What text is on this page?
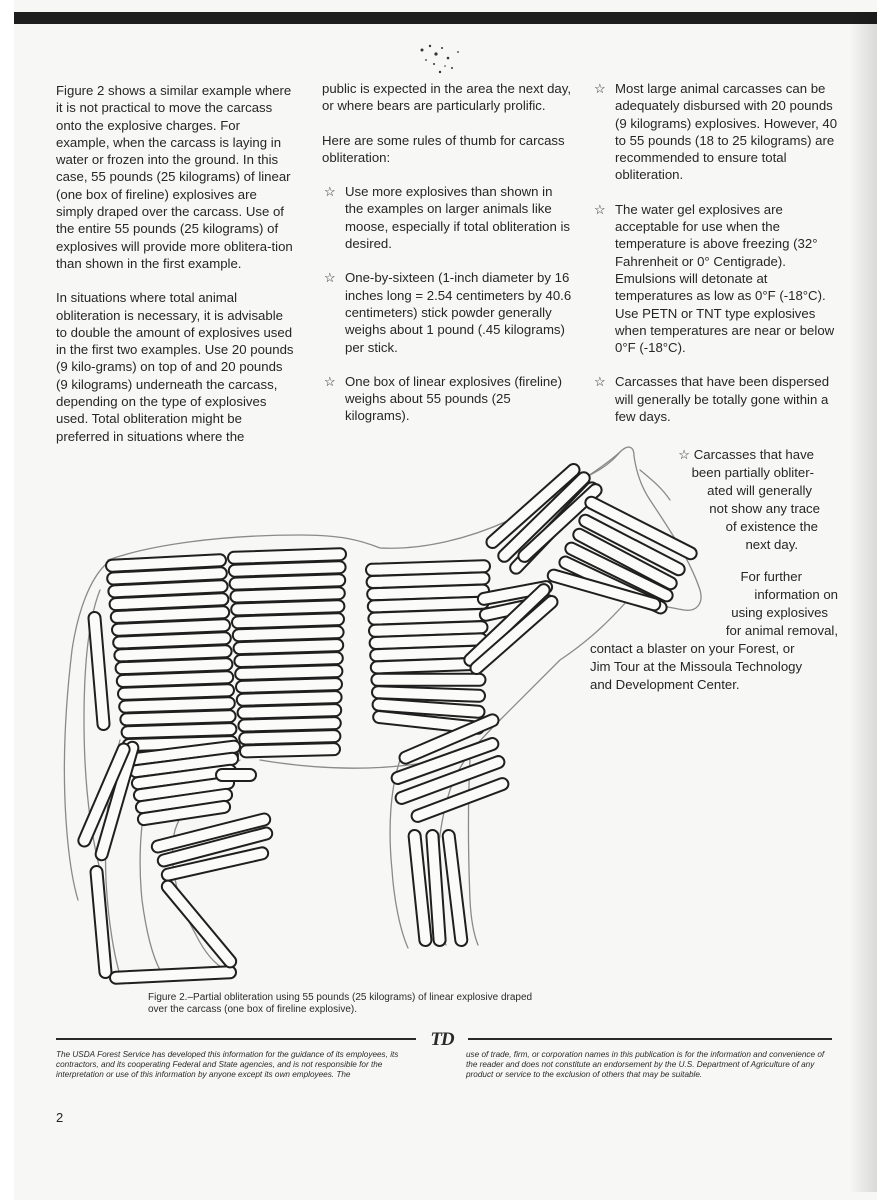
Figure 2 shows a similar example where it is not practical to move the carcass onto the explosive charges. For example, when the carcass is laying in water or frozen into the ground. In this case, 55 pounds (25 kilograms) of linear (one box of fireline) explosives are simply draped over the carcass. Use of the entire 55 pounds (25 kilograms) of explosives will provide more oblitera-tion than shown in the first example.

In situations where total animal obliteration is necessary, it is advisable to double the amount of explosives used in the first two examples. Use 20 pounds (9 kilo-grams) on top of and 20 pounds (9 kilograms) underneath the carcass, depending on the type of explosives used. Total obliteration might be preferred in situations where the

public is expected in the area the next day, or where bears are particularly prolific.

Here are some rules of thumb for carcass obliteration:

☆ Use more explosives than shown in the examples on larger animals like moose, especially if total obliteration is desired.
☆ One-by-sixteen (1-inch diameter by 16 inches long = 2.54 centimeters by 40.6 centimeters) stick powder generally weighs about 1 pound (.45 kilograms) per stick.
☆ One box of linear explosives (fireline) weighs about 55 pounds (25 kilograms).
☆ Most large animal carcasses can be adequately disbursed with 20 pounds (9 kilograms) explosives. However, 40 to 55 pounds (18 to 25 kilograms) are recommended to ensure total obliteration.
☆ The water gel explosives are acceptable for use when the temperature is above freezing (32° Fahrenheit or 0° Centigrade). Emulsions will detonate at temperatures as low as 0°F (-18°C). Use PETN or TNT type explosives when temperatures are near or below 0°F (-18°C).
☆ Carcasses that have been dispersed will generally be totally gone within a few days.
☆ Carcasses that have
been partially obliter-
ated will generally
not show any trace
of existence the
next day.
For further
information on
using explosives
for animal removal,
contact a blaster on your Forest, or
Jim Tour at the Missoula Technology
and Development Center.
Figure 2.–Partial obliteration using 55 pounds (25 kilograms) of linear explosive draped over the carcass (one box of fireline explosive).
TD
The USDA Forest Service has developed this information for the guidance of its employees, its contractors, and its cooperating Federal and State agencies, and is not responsible for the interpretation or use of this information by anyone except its own employees. The
use of trade, firm, or corporation names in this publication is for the information and convenience of the reader and does not constitute an endorsement by the U.S. Department of Agriculture of any product or service to the exclusion of others that may be suitable.
2
